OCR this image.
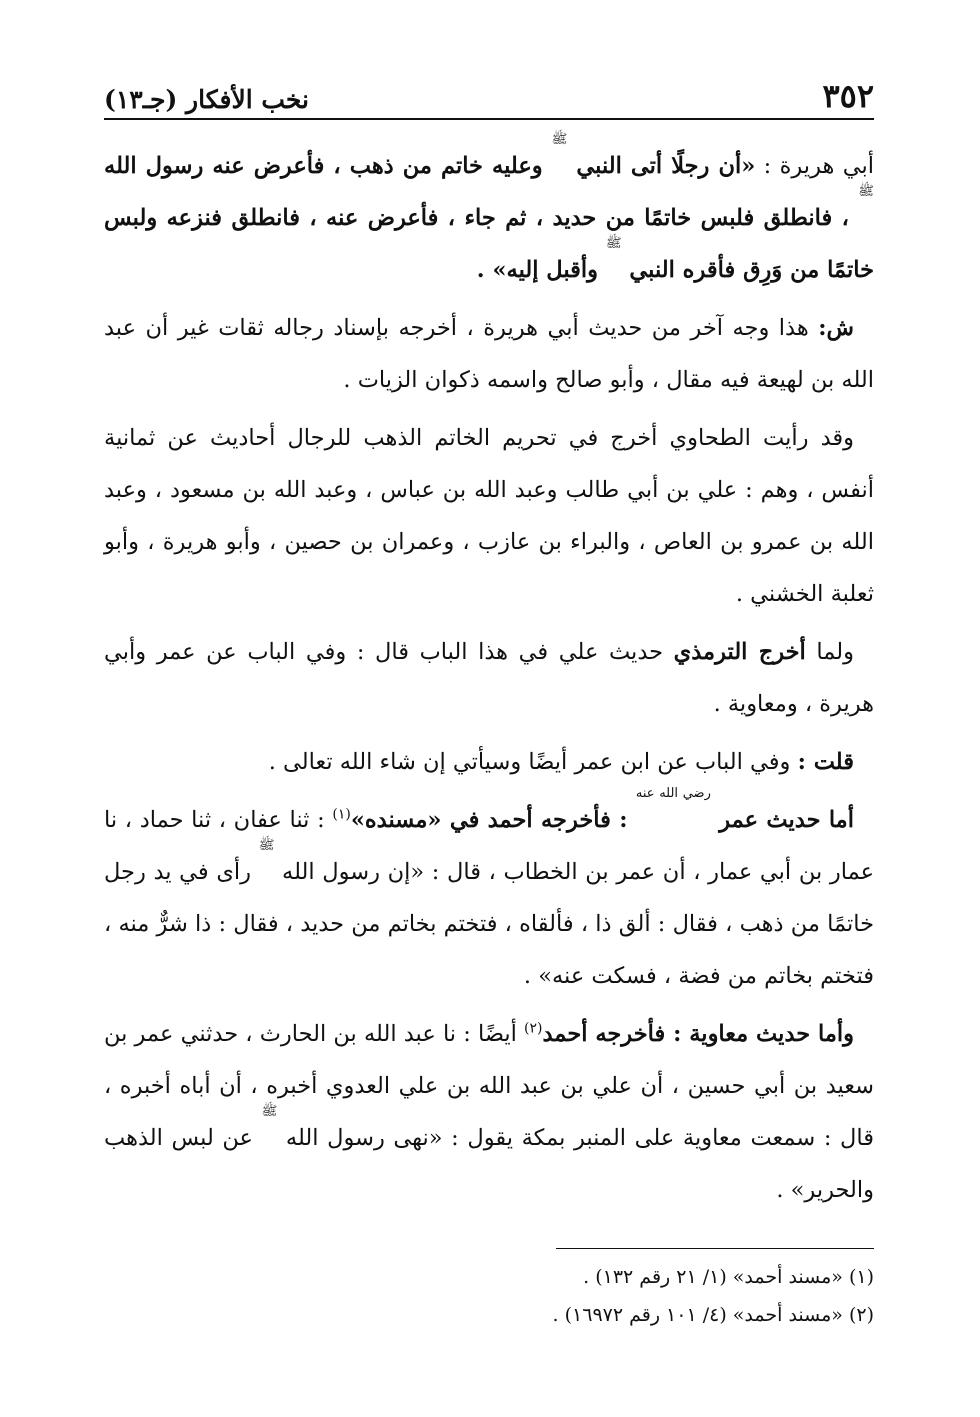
٣٥٢
نخب الأفكار (جـ١٣)

أبي هريرة : «أن رجلًا أتى النبي $^ﷺ$ وعليه خاتم من ذهب ، فأعرض عنه رسول الله $^ﷺ$ ، فانطلق فلبس خاتمًا من حديد ، ثم جاء ، فأعرض عنه ، فانطلق فنزعه ولبس خاتمًا من وَرِق فأقره النبي $^ﷺ$ وأقبل إليه» .

ش: هذا وجه آخر من حديث أبي هريرة ، أخرجه بإسناد رجاله ثقات غير أن عبد الله بن لهيعة فيه مقال ، وأبو صالح واسمه ذكوان الزيات .

وقد رأيت الطحاوي أخرج في تحريم الخاتم الذهب للرجال أحاديث عن ثمانية أنفس ، وهم : علي بن أبي طالب وعبد الله بن عباس ، وعبد الله بن مسعود ، وعبد الله بن عمرو بن العاص ، والبراء بن عازب ، وعمران بن حصين ، وأبو هريرة ، وأبو ثعلبة الخشني .

ولما أخرج الترمذي حديث علي في هذا الباب قال : وفي الباب عن عمر وأبي هريرة ، ومعاوية .

قلت : وفي الباب عن ابن عمر أيضًا وسيأتي إن شاء الله تعالى .

أما حديث عمر $^{رضي الله عنه}$ : فأخرجه أحمد في «مسنده»$^{(١)}$ : ثنا عفان ، ثنا حماد ، نا عمار بن أبي عمار ، أن عمر بن الخطاب ، قال : «إن رسول الله $^ﷺ$ رأى في يد رجل خاتمًا من ذهب ، فقال : ألق ذا ، فألقاه ، فتختم بخاتم من حديد ، فقال : ذا شرٌّ منه ، فتختم بخاتم من فضة ، فسكت عنه» .

وأما حديث معاوية : فأخرجه أحمد$^{(٢)}$ أيضًا : نا عبد الله بن الحارث ، حدثني عمر بن سعيد بن أبي حسين ، أن علي بن عبد الله بن علي العدوي أخبره ، أن أباه أخبره ، قال : سمعت معاوية على المنبر بمكة يقول : «نهى رسول الله $^ﷺ$ عن لبس الذهب والحرير» .

(١) «مسند أحمد» (١/ ٢١ رقم ١٣٢) .

(٢) «مسند أحمد» (٤/ ١٠١ رقم ١٦٩٧٢) .
